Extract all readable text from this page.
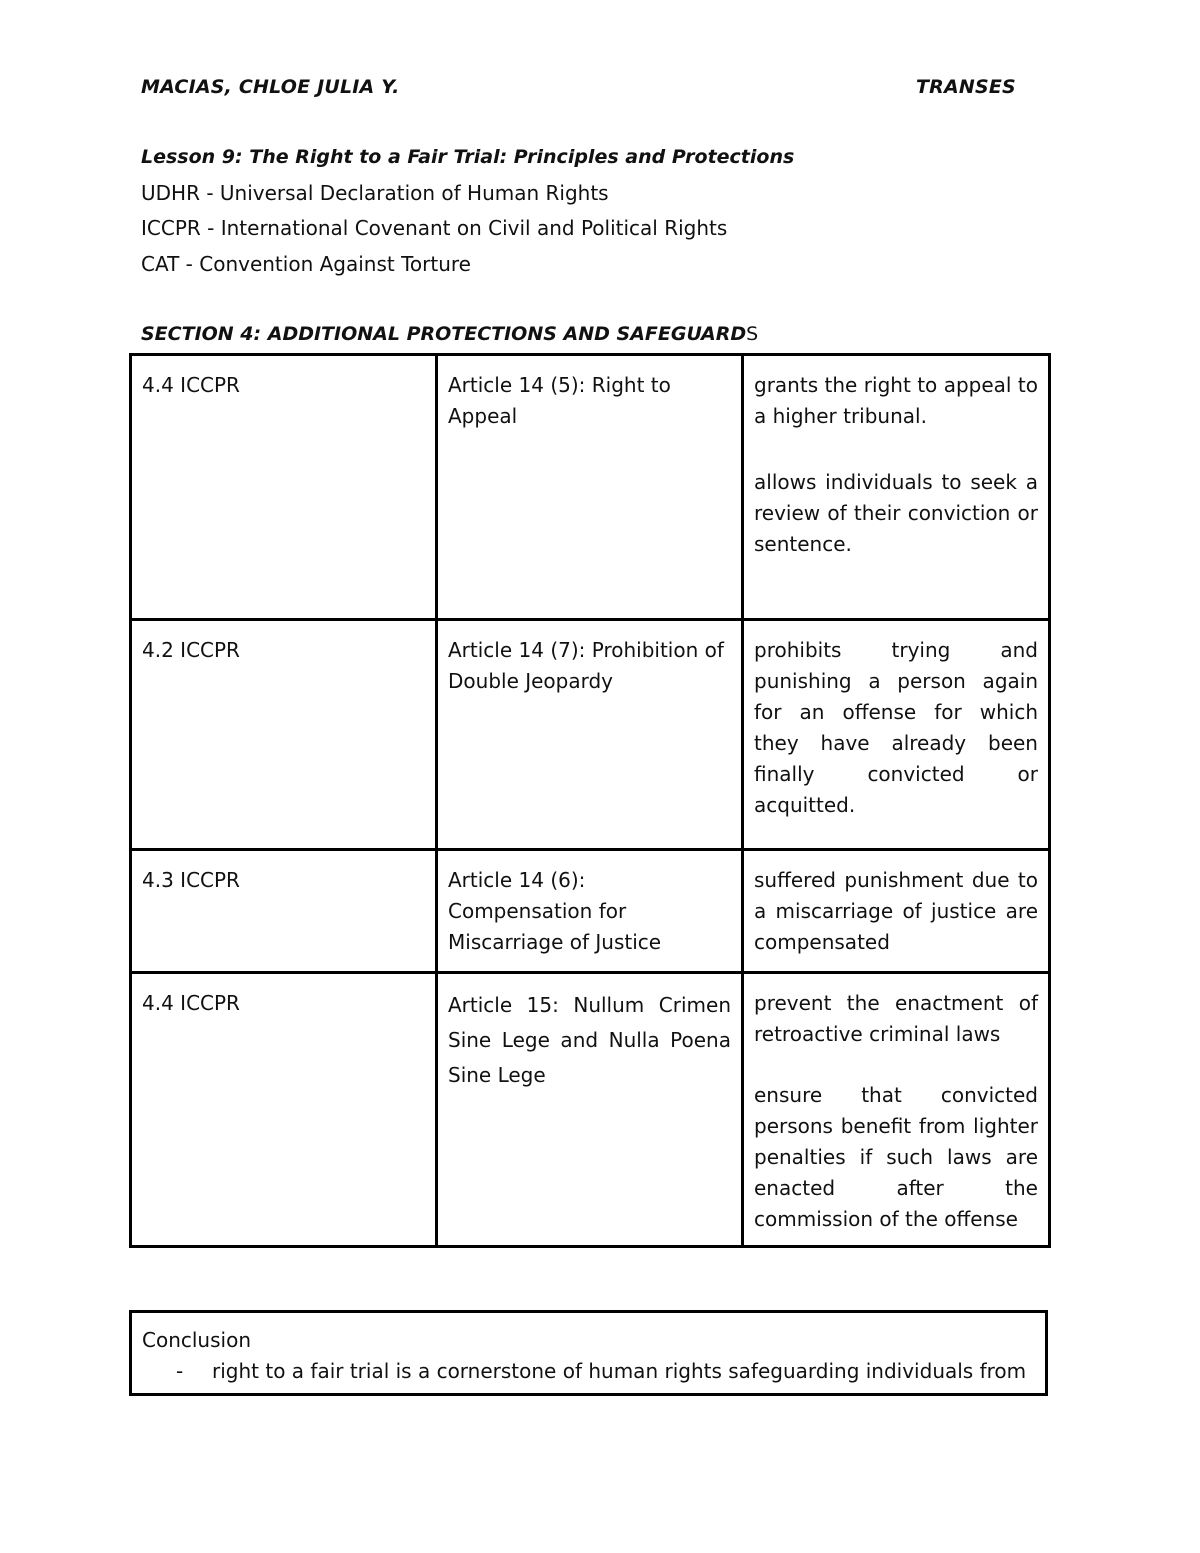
MACIAS, CHLOE JULIA Y.	TRANSES
Lesson 9: The Right to a Fair Trial: Principles and Protections
UDHR - Universal Declaration of Human Rights
ICCPR - International Covenant on Civil and Political Rights
CAT - Convention Against Torture
SECTION 4: ADDITIONAL PROTECTIONS AND SAFEGUARDS
4.4 ICCPR	Article 14 (5): Right to Appeal	grants the right to appeal to a higher tribunal.

allows individuals to seek a review of their conviction or sentence.

4.2 ICCPR	Article 14 (7): Prohibition of Double Jeopardy	prohibits trying and punishing a person again for an offense for which they have already been finally convicted or acquitted.

4.3 ICCPR	Article 14 (6): Compensation for Miscarriage of Justice	suffered punishment due to a miscarriage of justice are compensated

4.4 ICCPR	Article 15: Nullum Crimen Sine Lege and Nulla Poena Sine Lege	prevent the enactment of retroactive criminal laws

ensure that convicted persons benefit from lighter penalties if such laws are enacted after the commission of the offense

Conclusion
- right to a fair trial is a cornerstone of human rights safeguarding individuals from
